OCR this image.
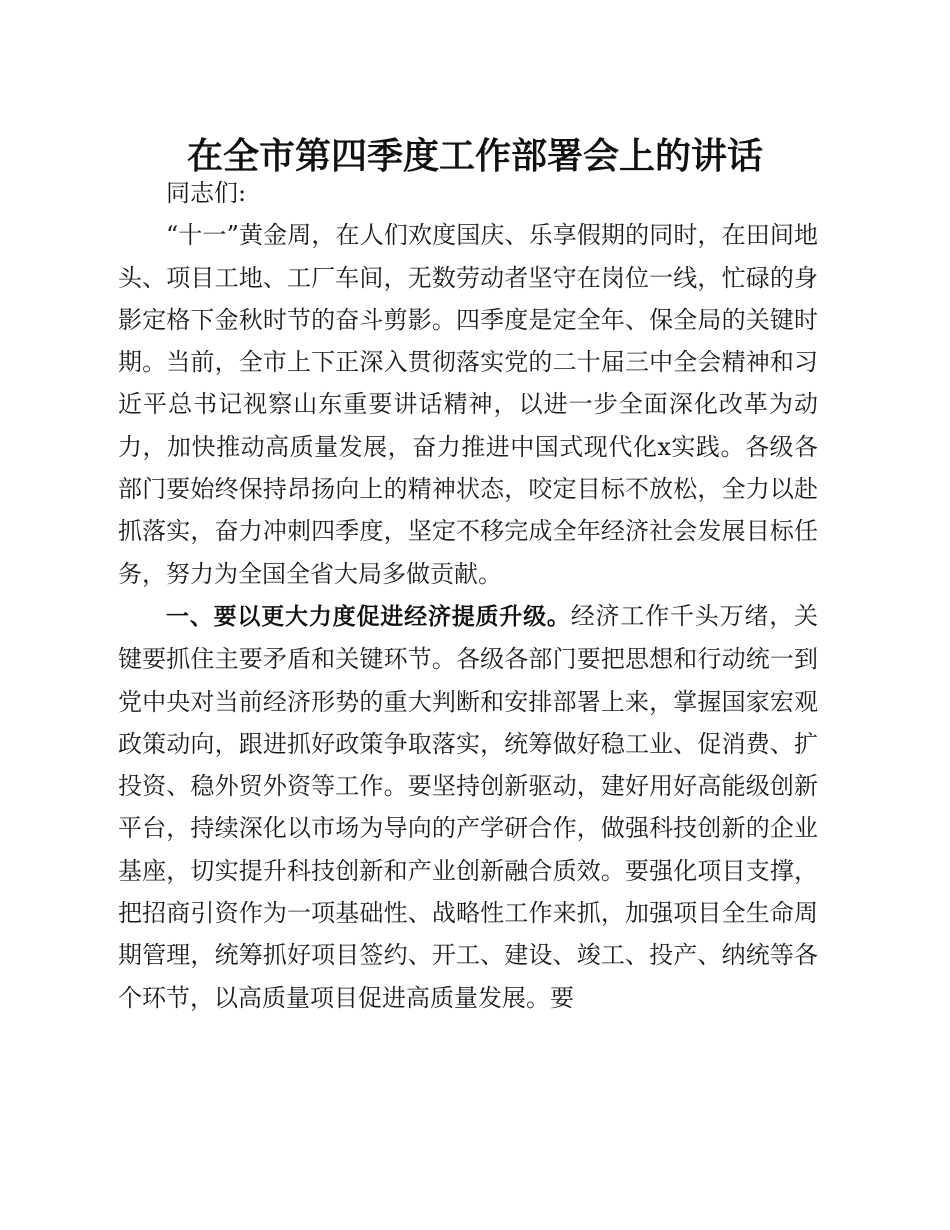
在全市第四季度工作部署会上的讲话

同志们:

“十一”黄金周，在人们欢度国庆、乐享假期的同时，在田间地头、项目工地、工厂车间，无数劳动者坚守在岗位一线，忙碌的身影定格下金秋时节的奋斗剪影。四季度是定全年、保全局的关键时期。当前，全市上下正深入贯彻落实党的二十届三中全会精神和习近平总书记视察山东重要讲话精神，以进一步全面深化改革为动力，加快推动高质量发展，奋力推进中国式现代化x实践。各级各部门要始终保持昂扬向上的精神状态，咬定目标不放松，全力以赴抓落实，奋力冲刺四季度，坚定不移完成全年经济社会发展目标任务，努力为全国全省大局多做贡献。

一、要以更大力度促进经济提质升级。经济工作千头万绪，关键要抓住主要矛盾和关键环节。各级各部门要把思想和行动统一到党中央对当前经济形势的重大判断和安排部署上来，掌握国家宏观政策动向，跟进抓好政策争取落实，统筹做好稳工业、促消费、扩投资、稳外贸外资等工作。要坚持创新驱动，建好用好高能级创新平台，持续深化以市场为导向的产学研合作，做强科技创新的企业基座，切实提升科技创新和产业创新融合质效。要强化项目支撑，把招商引资作为一项基础性、战略性工作来抓，加强项目全生命周期管理，统筹抓好项目签约、开工、建设、竣工、投产、纳统等各个环节，以高质量项目促进高质量发展。要
